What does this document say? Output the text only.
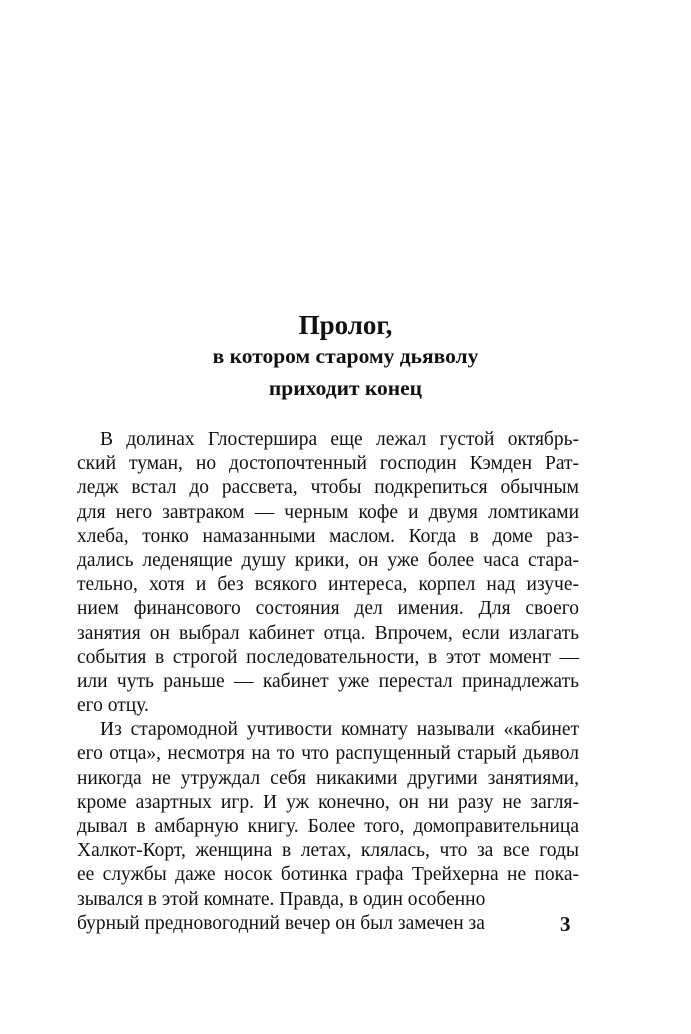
Пролог,
в котором старому дьяволу
приходит конец
В долинах Глостершира еще лежал густой октябрь-
ский туман, но достопочтенный господин Кэмден Рат-
ледж встал до рассвета, чтобы подкрепиться обычным
для него завтраком — черным кофе и двумя ломтиками
хлеба, тонко намазанными маслом. Когда в доме раз-
дались леденящие душу крики, он уже более часа стара-
тельно, хотя и без всякого интереса, корпел над изуче-
нием финансового состояния дел имения. Для своего
занятия он выбрал кабинет отца. Впрочем, если излагать
события в строгой последовательности, в этот момент —
или чуть раньше — кабинет уже перестал принадлежать
его отцу.
Из старомодной учтивости комнату называли «кабинет
его отца», несмотря на то что распущенный старый дьявол
никогда не утруждал себя никакими другими занятиями,
кроме азартных игр. И уж конечно, он ни разу не загля-
дывал в амбарную книгу. Более того, домоправительница
Халкот-Корт, женщина в летах, клялась, что за все годы
ее службы даже носок ботинка графа Трейхерна не пока-
зывался в этой комнате. Правда, в один особенно
бурный предновогодний вечер он был замечен за	3
